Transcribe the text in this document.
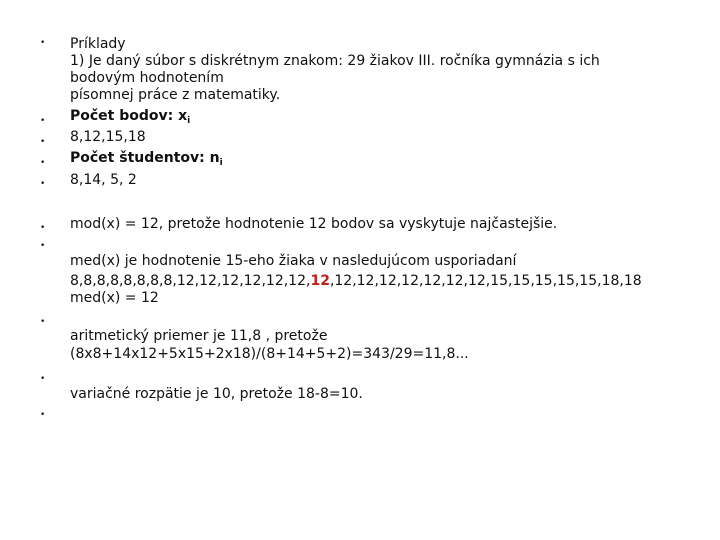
•
•
•
•
•
•
•
•
•
•
Príklady
1) Je daný súbor s diskrétnym znakom: 29 žiakov III. ročníka gymnázia s ich
bodovým hodnotením
písomnej práce z matematiky.
Počet bodov: $x_i$
8,12,15,18
Počet študentov: $n_i$
8,14, 5, 2
mod(x) = 12, pretože hodnotenie 12 bodov sa vyskytuje najčastejšie.
med(x) je hodnotenie 15-eho žiaka v nasledujúcom usporiadaní
8,8,8,8,8,8,8,8,12,12,12,12,12,12,12,12,12,12,12,12,12,12,15,15,15,15,15,18,18
med(x) = 12
aritmetický priemer je 11,8 , pretože
(8x8+14x12+5x15+2x18)/(8+14+5+2)=343/29=11,8...
variačné rozpätie je 10, pretože 18-8=10.
